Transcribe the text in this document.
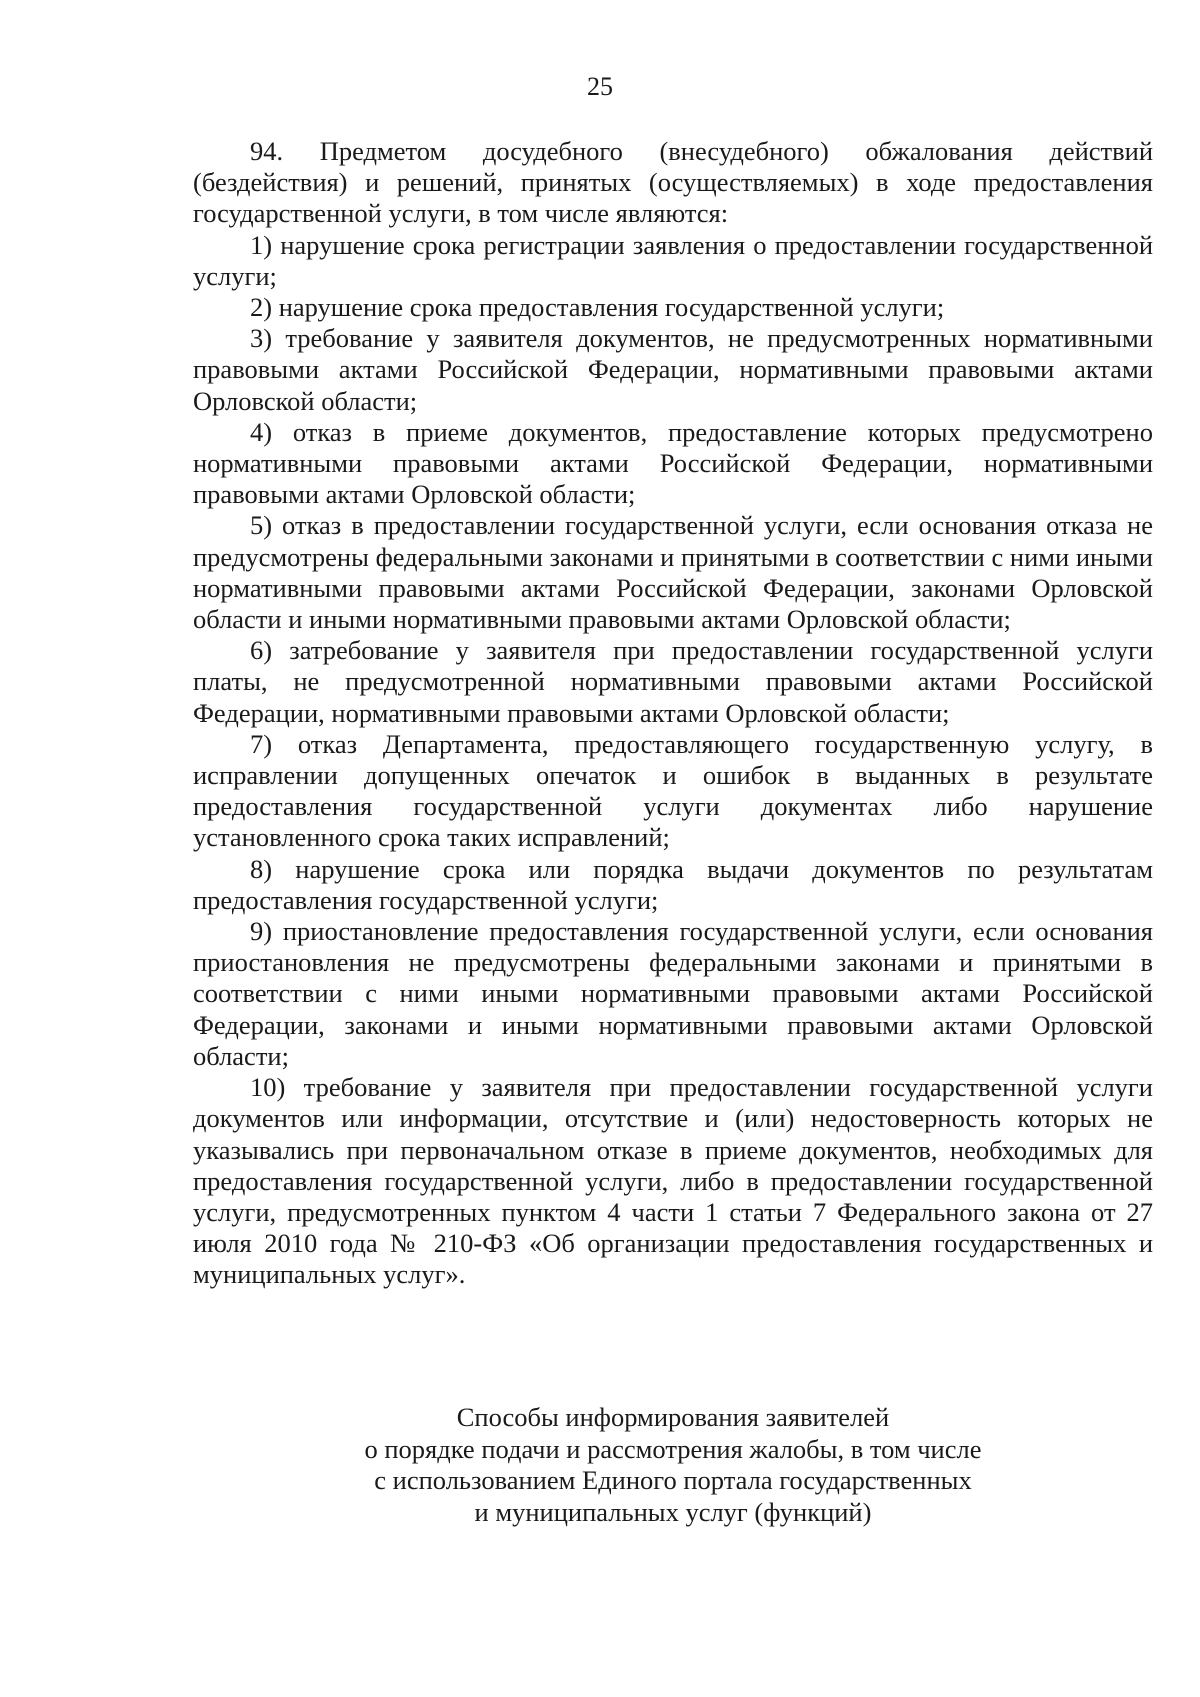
25

94. Предметом досудебного (внесудебного) обжалования действий (бездействия) и решений, принятых (осуществляемых) в ходе предоставления государственной услуги, в том числе являются:

1) нарушение срока регистрации заявления о предоставлении государственной услуги;

2) нарушение срока предоставления государственной услуги;

3) требование у заявителя документов, не предусмотренных нормативными правовыми актами Российской Федерации, нормативными правовыми актами Орловской области;

4) отказ в приеме документов, предоставление которых предусмотрено нормативными правовыми актами Российской Федерации, нормативными правовыми актами Орловской области;

5) отказ в предоставлении государственной услуги, если основания отказа не предусмотрены федеральными законами и принятыми в соответствии с ними иными нормативными правовыми актами Российской Федерации, законами Орловской области и иными нормативными правовыми актами Орловской области;

6) затребование у заявителя при предоставлении государственной услуги платы, не предусмотренной нормативными правовыми актами Российской Федерации, нормативными правовыми актами Орловской области;

7) отказ Департамента, предоставляющего государственную услугу, в исправлении допущенных опечаток и ошибок в выданных в результате предоставления государственной услуги документах либо нарушение установленного срока таких исправлений;

8) нарушение срока или порядка выдачи документов по результатам предоставления государственной услуги;

9) приостановление предоставления государственной услуги, если основания приостановления не предусмотрены федеральными законами и принятыми в соответствии с ними иными нормативными правовыми актами Российской Федерации, законами и иными нормативными правовыми актами Орловской области;

10) требование у заявителя при предоставлении государственной услуги документов или информации, отсутствие и (или) недостоверность которых не указывались при первоначальном отказе в приеме документов, необходимых для предоставления государственной услуги, либо в предоставлении государственной услуги, предусмотренных пунктом 4 части 1 статьи 7 Федерального закона от 27 июля 2010 года № 210-ФЗ «Об организации предоставления государственных и муниципальных услуг».

Способы информирования заявителей
о порядке подачи и рассмотрения жалобы, в том числе
с использованием Единого портала государственных
и муниципальных услуг (функций)
